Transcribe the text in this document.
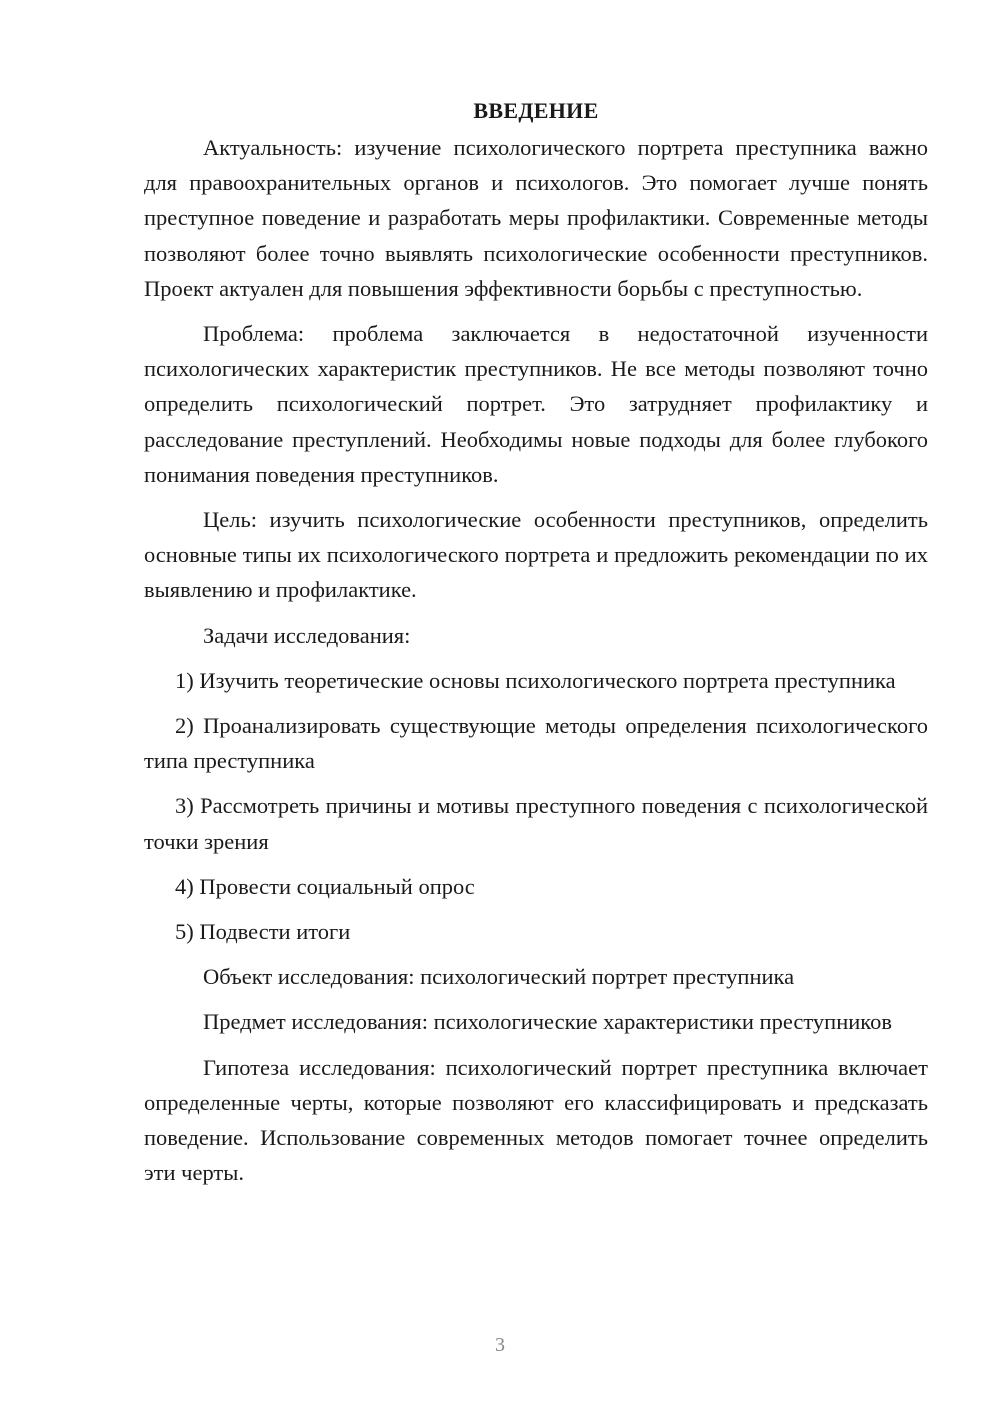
ВВЕДЕНИЕ

Актуальность: изучение психологического портрета преступника важно для правоохранительных органов и психологов. Это помогает лучше понять преступное поведение и разработать меры профилактики. Современные методы позволяют более точно выявлять психологические особенности преступников. Проект актуален для повышения эффективности борьбы с преступностью.

Проблема: проблема заключается в недостаточной изученности психологических характеристик преступников. Не все методы позволяют точно определить психологический портрет. Это затрудняет профилактику и расследование преступлений. Необходимы новые подходы для более глубокого понимания поведения преступников.

Цель: изучить психологические особенности преступников, определить основные типы их психологического портрета и предложить рекомендации по их выявлению и профилактике.

Задачи исследования:

1) Изучить теоретические основы психологического портрета преступника

2) Проанализировать существующие методы определения психологического типа преступника

3) Рассмотреть причины и мотивы преступного поведения с психологической точки зрения

4) Провести социальный опрос

5) Подвести итоги

Объект исследования: психологический портрет преступника

Предмет исследования: психологические характеристики преступников

Гипотеза исследования: психологический портрет преступника включает определенные черты, которые позволяют его классифицировать и предсказать поведение. Использование современных методов помогает точнее определить эти черты.

3
